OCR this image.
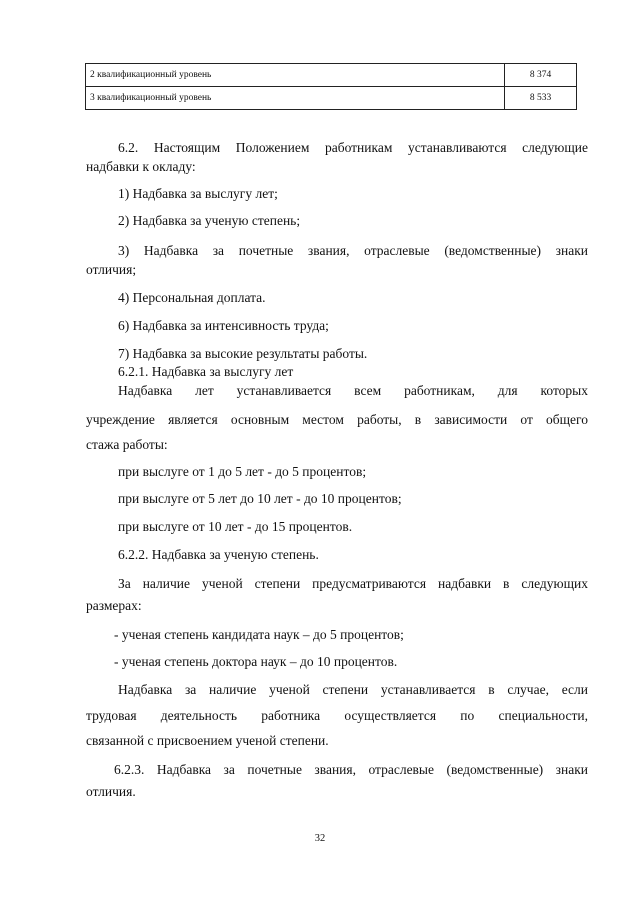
2 квалификационный уровень	8 374
3 квалификационный уровень	8 533
6.2. Настоящим Положением работникам устанавливаются следующие
надбавки к окладу:
1) Надбавка за выслугу лет;
2) Надбавка за ученую степень;
3) Надбавка за почетные звания, отраслевые (ведомственные) знаки
отличия;
4) Персональная доплата.
6) Надбавка за интенсивность труда;
7) Надбавка за высокие результаты работы.
6.2.1. Надбавка за выслугу лет
Надбавка лет устанавливается всем работникам, для которых
учреждение является основным местом работы, в зависимости от общего
стажа работы:
при выслуге от 1 до 5 лет - до 5 процентов;
при выслуге от 5 лет до 10 лет - до 10 процентов;
при выслуге от 10 лет - до 15 процентов.
6.2.2. Надбавка за ученую степень.
За наличие ученой степени предусматриваются надбавки в следующих
размерах:
- ученая степень кандидата наук – до 5 процентов;
- ученая степень доктора наук – до 10 процентов.
Надбавка за наличие ученой степени устанавливается в случае, если
трудовая деятельность работника осуществляется по специальности,
связанной с присвоением ученой степени.
6.2.3. Надбавка за почетные звания, отраслевые (ведомственные) знаки
отличия.
32
